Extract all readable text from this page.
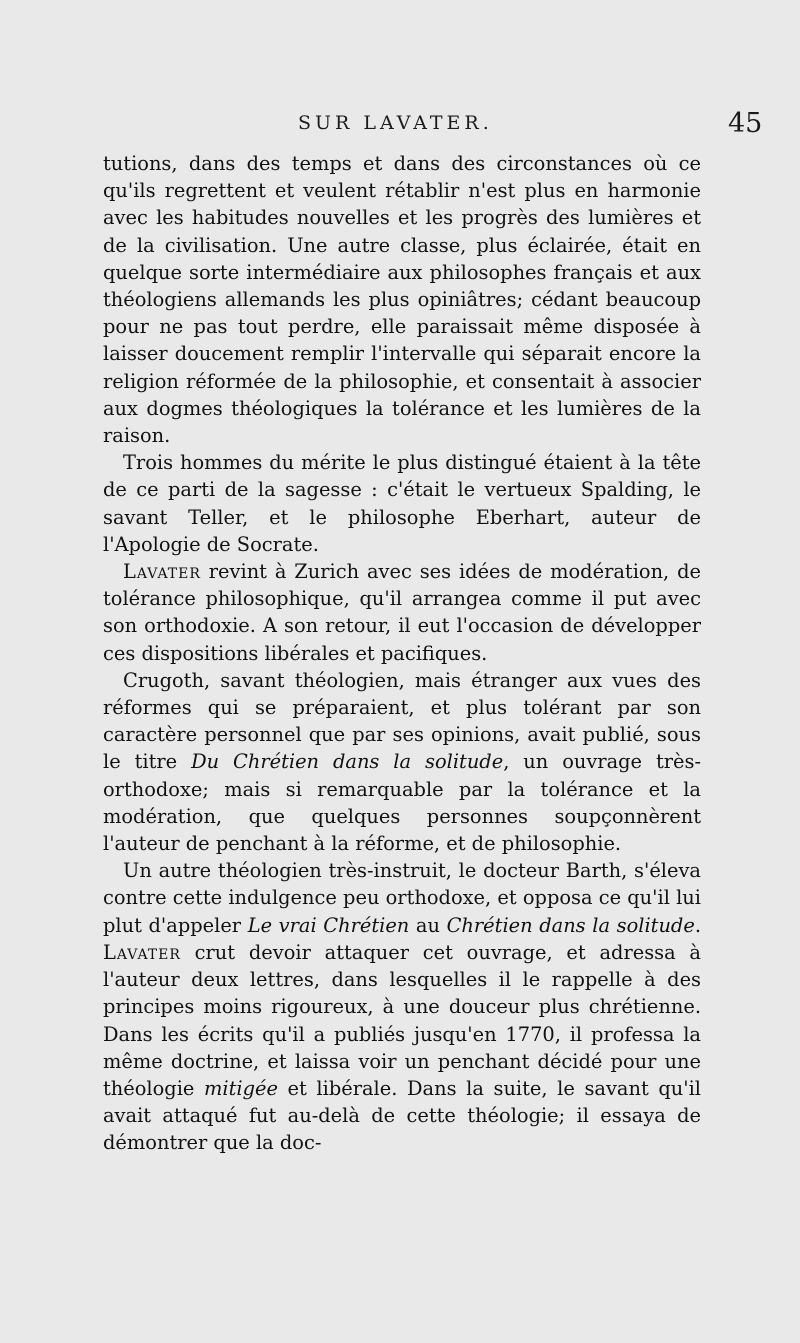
SUR LAVATER.	45

tutions, dans des temps et dans des circonstances où ce qu'ils regrettent et veulent rétablir n'est plus en harmonie avec les habitudes nouvelles et les progrès des lumières et de la civilisation. Une autre classe, plus éclairée, était en quelque sorte intermédiaire aux philosophes français et aux théologiens allemands les plus opiniâtres; cédant beaucoup pour ne pas tout perdre, elle paraissait même disposée à laisser doucement remplir l'intervalle qui séparait encore la religion réformée de la philosophie, et consentait à associer aux dogmes théologiques la tolérance et les lumières de la raison.

Trois hommes du mérite le plus distingué étaient à la tête de ce parti de la sagesse : c'était le vertueux Spalding, le savant Teller, et le philosophe Eberhart, auteur de l'Apologie de Socrate.

Lavater revint à Zurich avec ses idées de modération, de tolérance philosophique, qu'il arrangea comme il put avec son orthodoxie. A son retour, il eut l'occasion de développer ces dispositions libérales et pacifiques.

Crugoth, savant théologien, mais étranger aux vues des réformes qui se préparaient, et plus tolérant par son caractère personnel que par ses opinions, avait publié, sous le titre Du Chrétien dans la solitude, un ouvrage très-orthodoxe; mais si remarquable par la tolérance et la modération, que quelques personnes soupçonnèrent l'auteur de penchant à la réforme, et de philosophie.

Un autre théologien très-instruit, le docteur Barth, s'éleva contre cette indulgence peu orthodoxe, et opposa ce qu'il lui plut d'appeler Le vrai Chrétien au Chrétien dans la solitude. Lavater crut devoir attaquer cet ouvrage, et adressa à l'auteur deux lettres, dans lesquelles il le rappelle à des principes moins rigoureux, à une douceur plus chrétienne. Dans les écrits qu'il a publiés jusqu'en 1770, il professa la même doctrine, et laissa voir un penchant décidé pour une théologie mitigée et libérale. Dans la suite, le savant qu'il avait attaqué fut au-delà de cette théologie; il essaya de démontrer que la doc-
